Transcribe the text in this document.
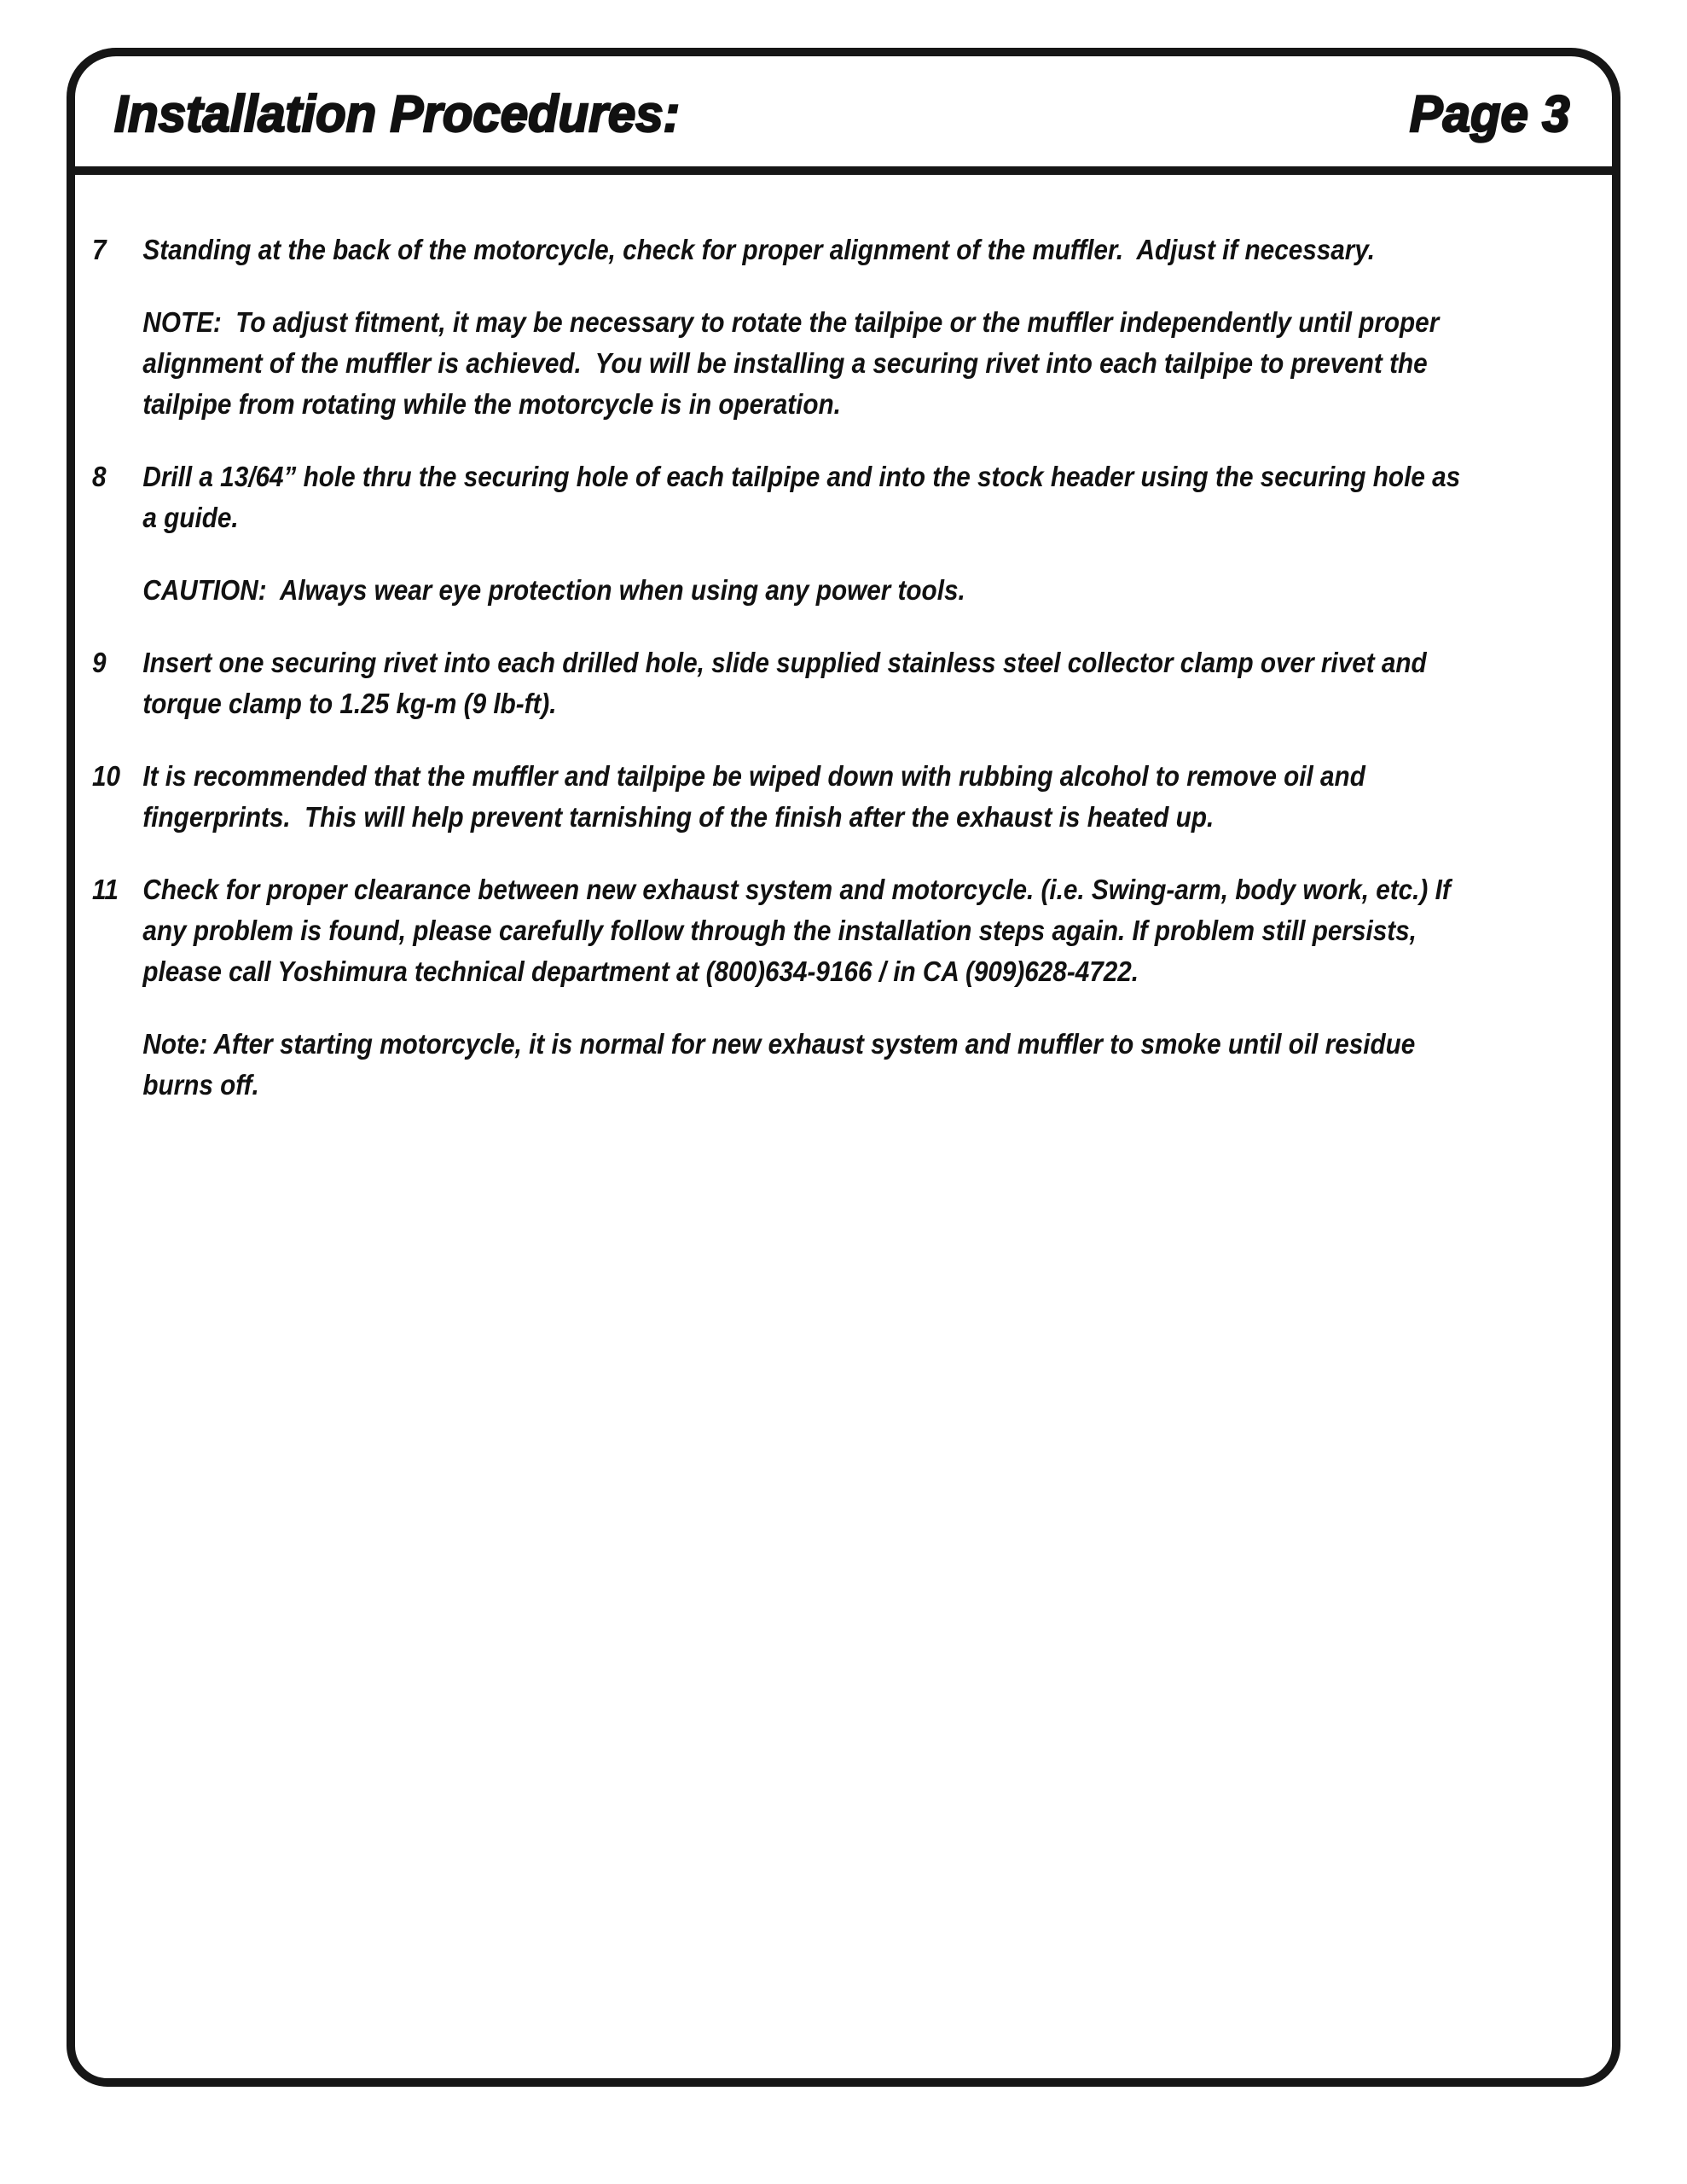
Installation Procedures:	Page 3
7	Standing at the back of the motorcycle, check for proper alignment of the muffler.  Adjust if necessary.
NOTE:  To adjust fitment, it may be necessary to rotate the tailpipe or the muffler independently until proper alignment of the muffler is achieved.  You will be installing a securing rivet into each tailpipe to prevent the tailpipe from rotating while the motorcycle is in operation.
8	Drill a 13/64” hole thru the securing hole of each tailpipe and into the stock header using the securing hole as a guide.
CAUTION:  Always wear eye protection when using any power tools.
9	Insert one securing rivet into each drilled hole, slide supplied stainless steel collector clamp over rivet and torque clamp to 1.25 kg-m (9 lb-ft).
10 It is recommended that the muffler and tailpipe be wiped down with rubbing alcohol to remove oil and fingerprints.  This will help prevent tarnishing of the finish after the exhaust is heated up.
11 Check for proper clearance between new exhaust system and motorcycle. (i.e. Swing-arm, body work, etc.) If any problem is found, please carefully follow through the installation steps again. If problem still persists, please call Yoshimura technical department at (800)634-9166 / in CA (909)628-4722.
Note: After starting motorcycle, it is normal for new exhaust system and muffler to smoke until oil residue burns off.
